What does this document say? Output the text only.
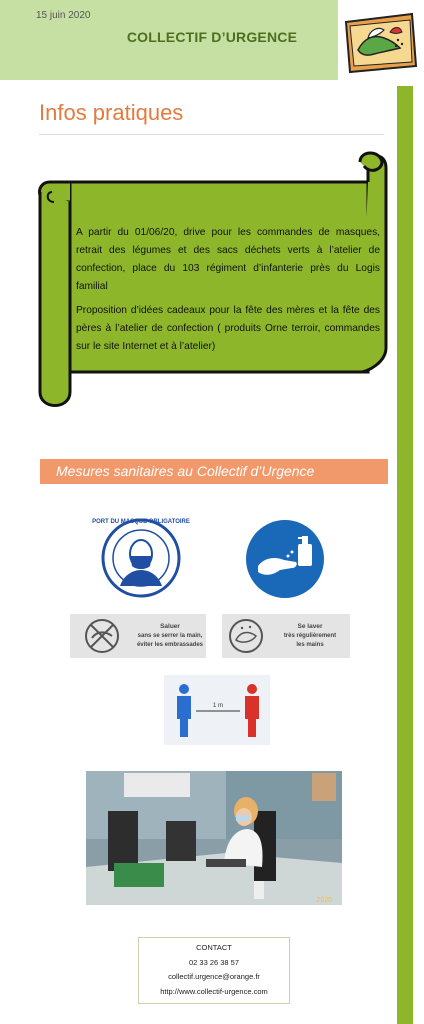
15 juin 2020
COLLECTIF D’URGENCE
Infos pratiques

A partir du 01/06/20, drive pour les commandes de masques, retrait des légumes et des sacs déchets verts à l’atelier de confection, place du 103 régiment d’infanterie près du Logis familial

Proposition d’idées cadeaux pour la fête des mères et la fête des pères à l’atelier de confection ( produits Orne terroir, commandes sur le site Internet et à l’atelier)

Mesures sanitaires au Collectif d’Urgence
PORT DU MASQUE OBLIGATOIRE
Saluer
sans se serrer la main,
éviter les embrassades
Se laver
très régulièrement
les mains
1 m
2020
CONTACT
02 33 26 38 57
collectif.urgence@orange.fr
http://www.collectif-urgence.com
